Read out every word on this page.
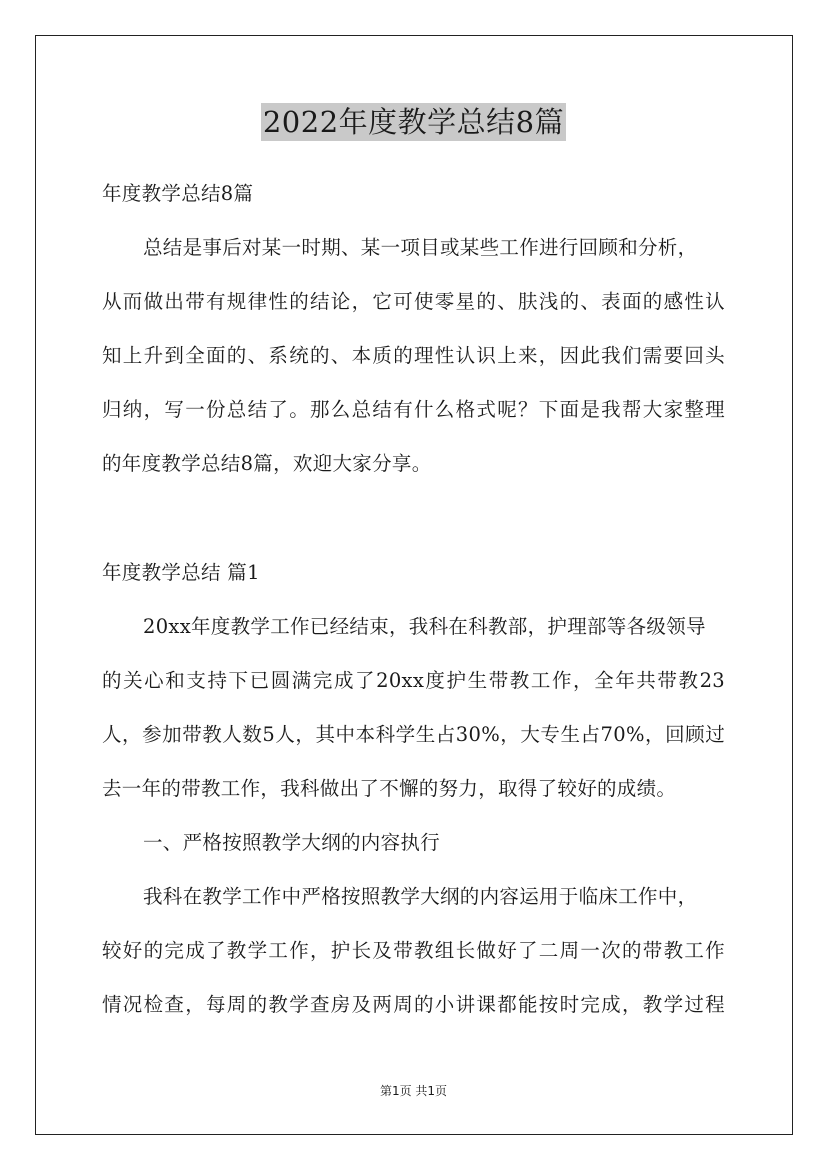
2022年度教学总结8篇
年度教学总结8篇
总结是事后对某一时期、某一项目或某些工作进行回顾和分析，
从而做出带有规律性的结论，它可使零星的、肤浅的、表面的感性认
知上升到全面的、系统的、本质的理性认识上来，因此我们需要回头
归纳，写一份总结了。那么总结有什么格式呢？下面是我帮大家整理
的年度教学总结8篇，欢迎大家分享。
年度教学总结 篇1
20xx年度教学工作已经结束，我科在科教部，护理部等各级领导
的关心和支持下已圆满完成了20xx度护生带教工作，全年共带教23
人，参加带教人数5人，其中本科学生占30%，大专生占70%，回顾过
去一年的带教工作，我科做出了不懈的努力，取得了较好的成绩。
一、严格按照教学大纲的内容执行
我科在教学工作中严格按照教学大纲的内容运用于临床工作中，
较好的完成了教学工作，护长及带教组长做好了二周一次的带教工作
情况检查，每周的教学查房及两周的小讲课都能按时完成，教学过程
第1页 共1页
